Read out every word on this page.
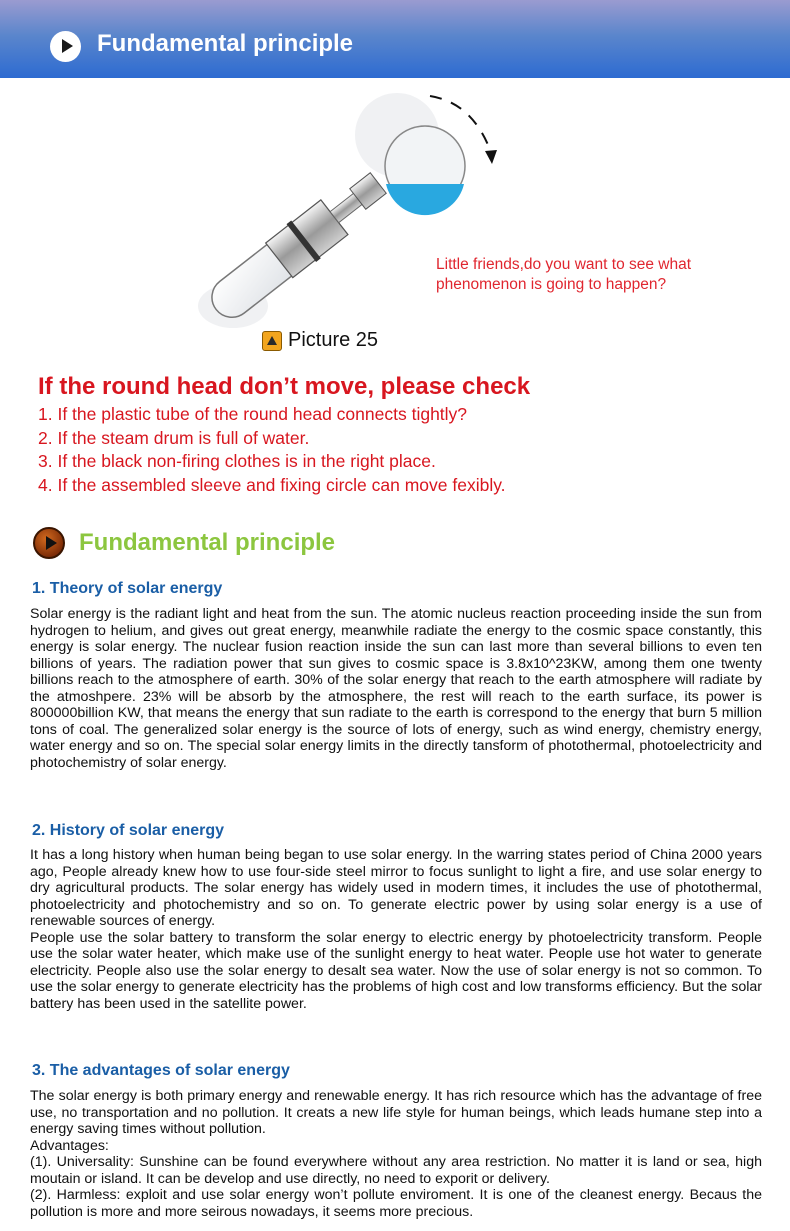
Fundamental principle
Little friends,do you want to see what
phenomenon is going to happen?
Picture 25
If the round head don’t move, please check
1. If the plastic tube of the round head connects tightly?
2. If the steam drum is full of water.
3. If the black non-firing clothes is in the right place.
4. If the assembled sleeve and fixing circle can move fexibly.
Fundamental principle
1. Theory of solar energy

Solar energy is the radiant light and heat from the sun. The atomic nucleus reaction proceeding inside the sun from hydrogen to helium, and gives out great energy, meanwhile radiate the energy to the cosmic space constantly, this energy is solar energy. The nuclear fusion reaction inside the sun can last more than several billions to even ten billions of years. The radiation power that sun gives to cosmic space is 3.8x10^23KW, among them one twenty billions reach to the atmosphere of earth. 30% of the solar energy that reach to the earth atmosphere will radiate by the atmoshpere. 23% will be absorb by the atmosphere, the rest will reach to the earth surface, its power is 800000billion KW, that means the energy that sun radiate to the earth is correspond to the energy that burn 5 million tons of coal. The generalized solar energy is the source of lots of energy, such as wind energy, chemistry energy, water energy and so on. The special solar energy limits in the directly tansform of photothermal, photoelectricity and photochemistry of solar energy.

2. History of solar energy

It has a long history when human being began to use solar energy. In the warring states period of China 2000 years ago, People already knew how to use four-side steel mirror to focus sunlight to light a fire, and use solar energy to dry agricultural products. The solar energy has widely used in modern times, it includes the use of photothermal, photoelectricity and photochemistry and so on. To generate electric power by using solar energy is a use of renewable sources of energy.

People use the solar battery to transform the solar energy to electric energy by photoelectricity transform. People use the solar water heater, which make use of the sunlight energy to heat water. People use hot water to generate electricity. People also use the solar energy to desalt sea water. Now the use of solar energy is not so common. To use the solar energy to generate electricity has the problems of high cost and low transforms efficiency. But the solar battery has been used in the satellite power.

3. The advantages of solar energy

The solar energy is both primary energy and renewable energy. It has rich resource which has the advantage of free use, no transportation and no pollution. It creats a new life style for human beings, which leads humane step into a energy saving times without pollution.

Advantages:

(1). Universality: Sunshine can be found everywhere without any area restriction. No matter it is land or sea, high moutain or island. It can be develop and use directly, no need to exporit or delivery.

(2). Harmless: exploit and use solar energy won’t pollute enviroment. It is one of the cleanest energy. Becaus the pollution is more and more seirous nowadays, it seems more precious.
